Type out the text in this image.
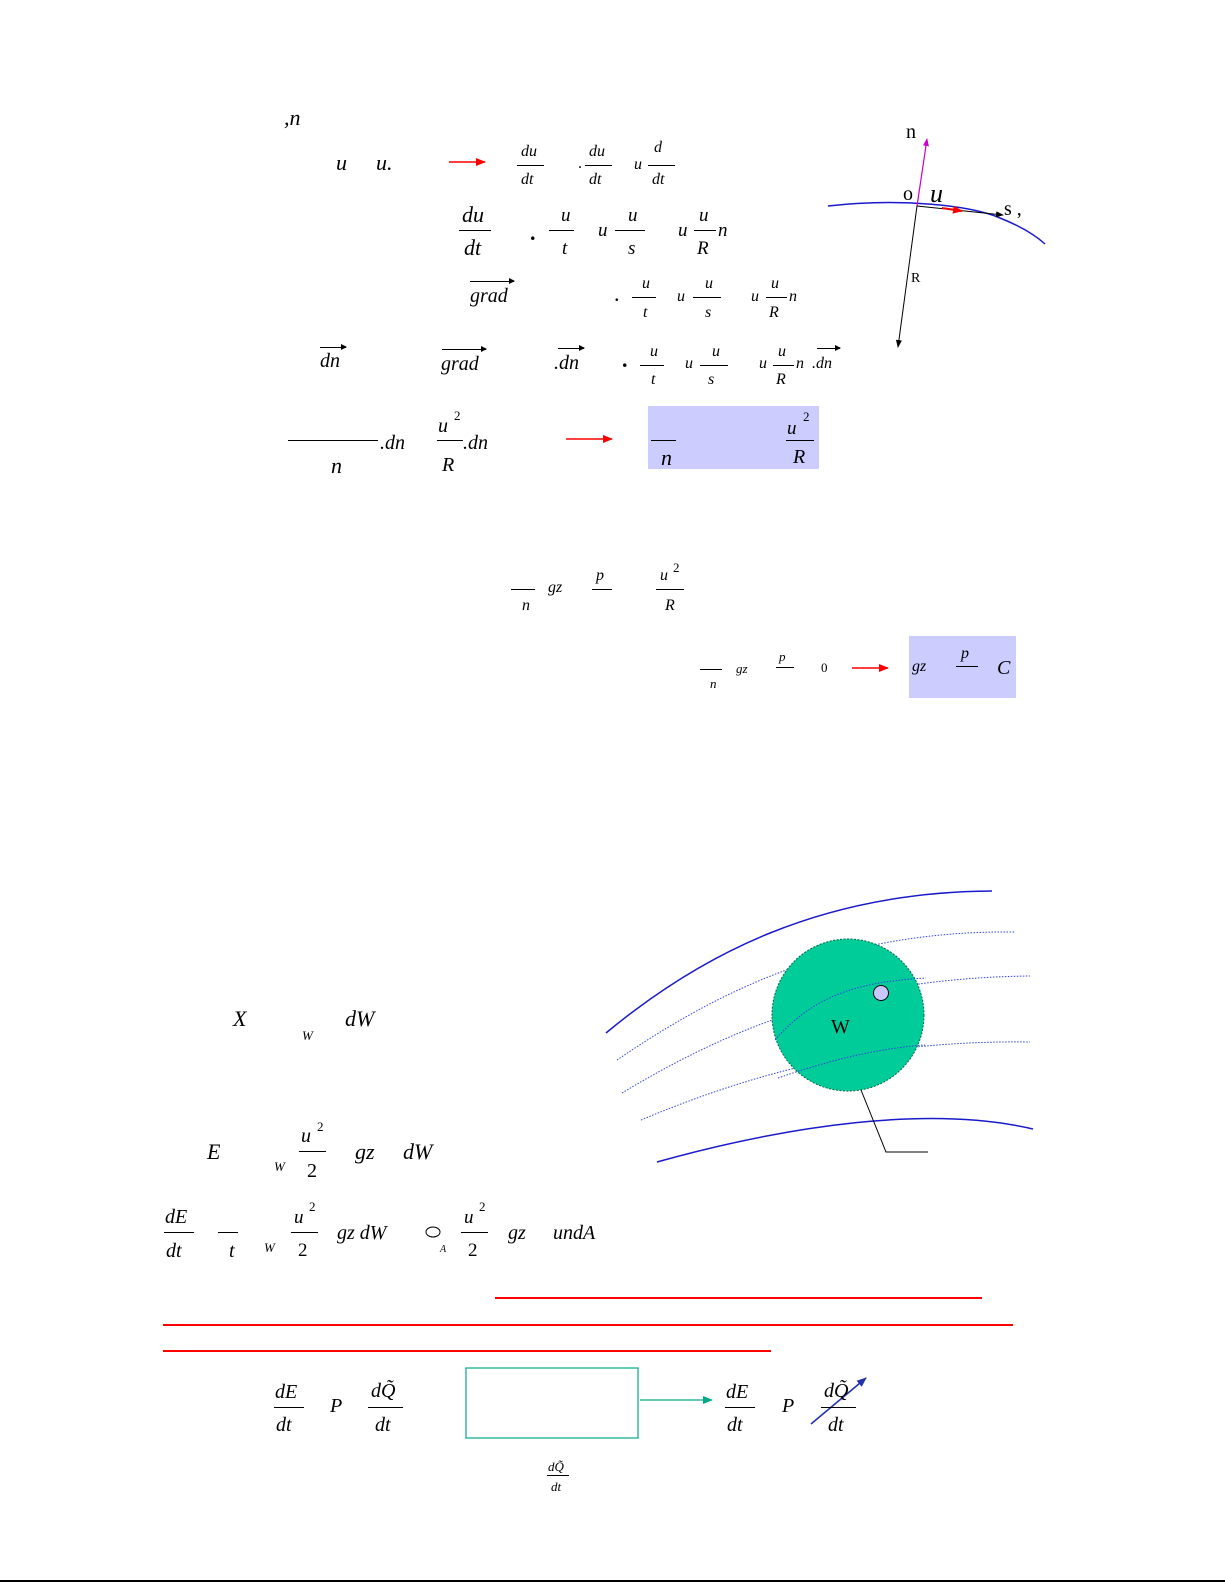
,n
u u.	du
dt
.
du
dt
u
d
dt
du
dt
.
u
t
u
u
s
u
u
R
n
grad	. u
t
u
u
s
u
u
R
n
dn	grad	.dn . u
t
u
u
s
u
u
R
n .dn
n
.dn
u 2
R
.dn
n
u
2
R
n
gz
p	u 2
R
n
gz
p
0	gz
p
C
n
o u
s ,
R
W
X
W
dW
E
W
u 2
2
gz dW
dE
dt t W
u
2
2
gz dW
A
u
2
2
gz undA
dE
dt
P
dQ̃
dt
dE
dt
P
dQ̃
dt
dQ̃
dt
